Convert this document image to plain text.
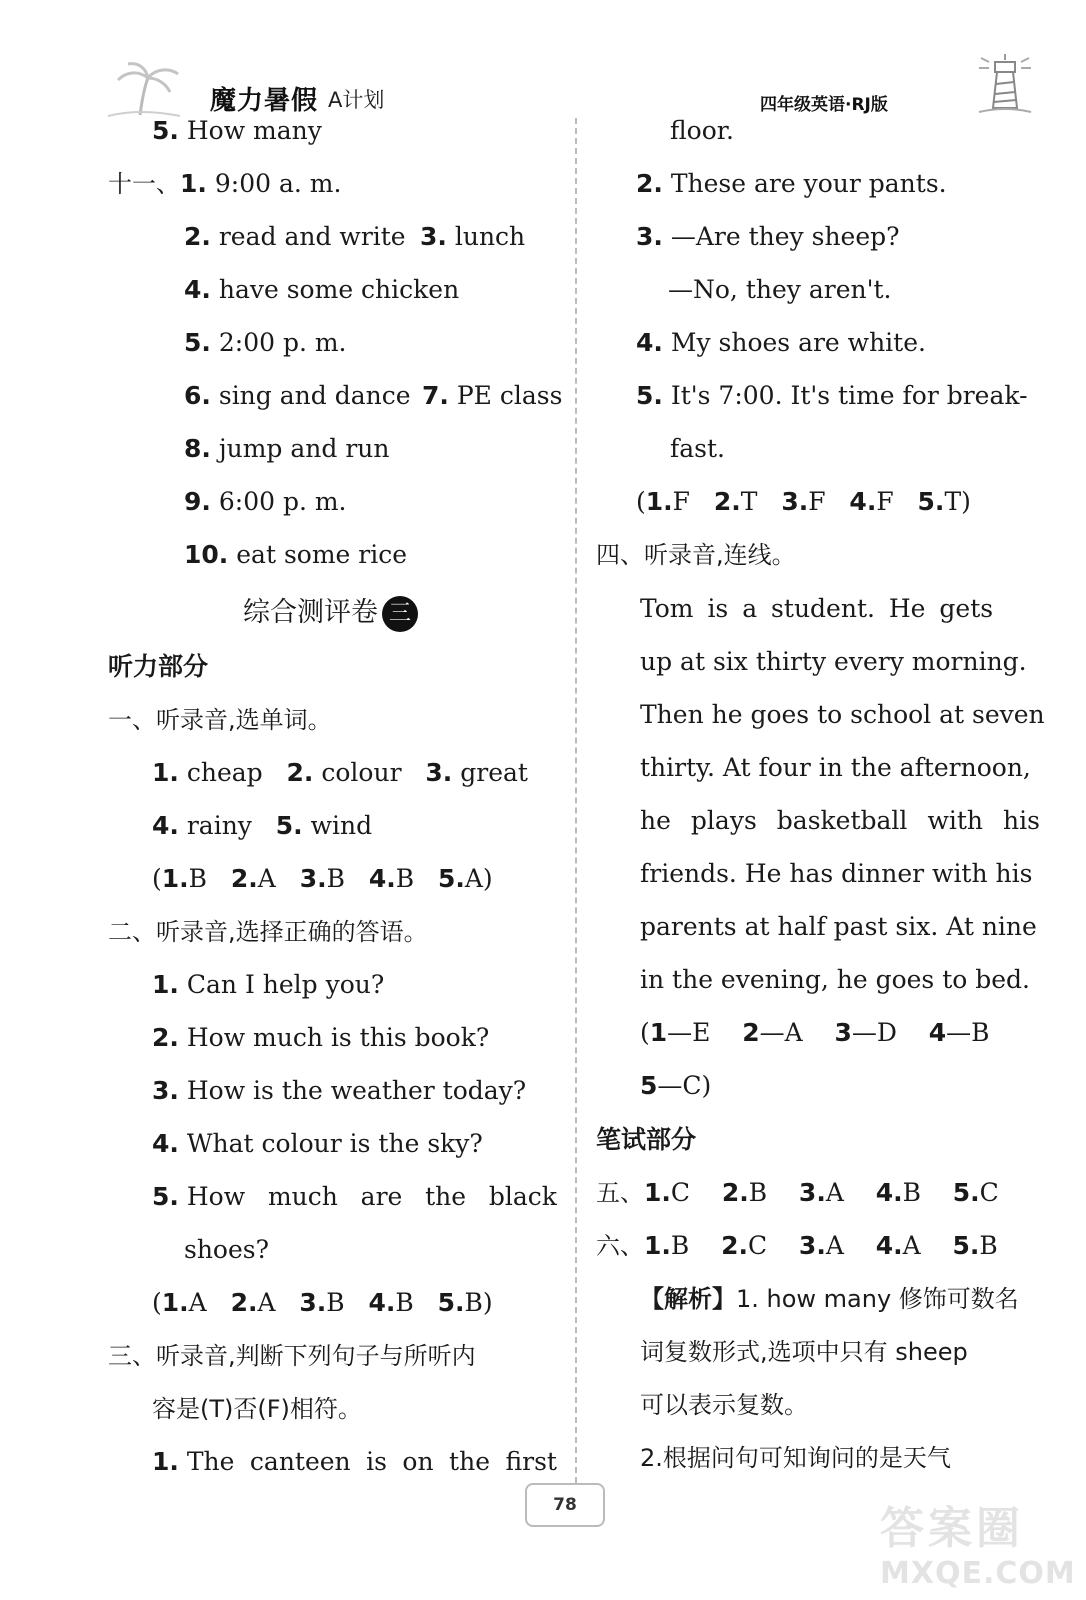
魔力暑假 A计划	四年级英语·RJ版
5. How many
十一、1. 9:00 a. m.
2. read and write 3. lunch
4. have some chicken
5. 2:00 p. m.
6. sing and dance 7. PE class
8. jump and run
9. 6:00 p. m.
10. eat some rice
综合测评卷 三
听力部分
一、听录音,选单词。
1. cheap 2. colour 3. great
4. rainy 5. wind
(1.B 2.A 3.B 4.B 5.A)
二、听录音,选择正确的答语。
1. Can I help you?
2. How much is this book?
3. How is the weather today?
4. What colour is the sky?
5. How much are the black
shoes?
(1.A 2.A 3.B 4.B 5.B)
三、听录音,判断下列句子与所听内
容是(T)否(F)相符。
1. The canteen is on the first
floor.
2. These are your pants.
3. —Are they sheep?
—No, they aren't.
4. My shoes are white.
5. It's 7:00. It's time for break-
fast.
(1.F 2.T 3.F 4.F 5.T)
四、听录音,连线。
Tom is a student. He gets
up at six thirty every morning.
Then he goes to school at seven
thirty. At four in the afternoon,
he plays basketball with his
friends. He has dinner with his
parents at half past six. At nine
in the evening, he goes to bed.
(1—E 2—A 3—D 4—B
5—C)
笔试部分
五、1.C 2.B 3.A 4.B 5.C
六、1.B 2.C 3.A 4.A 5.B
【解析】1. how many 修饰可数名
词复数形式,选项中只有 sheep
可以表示复数。
2.根据问句可知询问的是天气
78	答案圈
MXQE.COM
